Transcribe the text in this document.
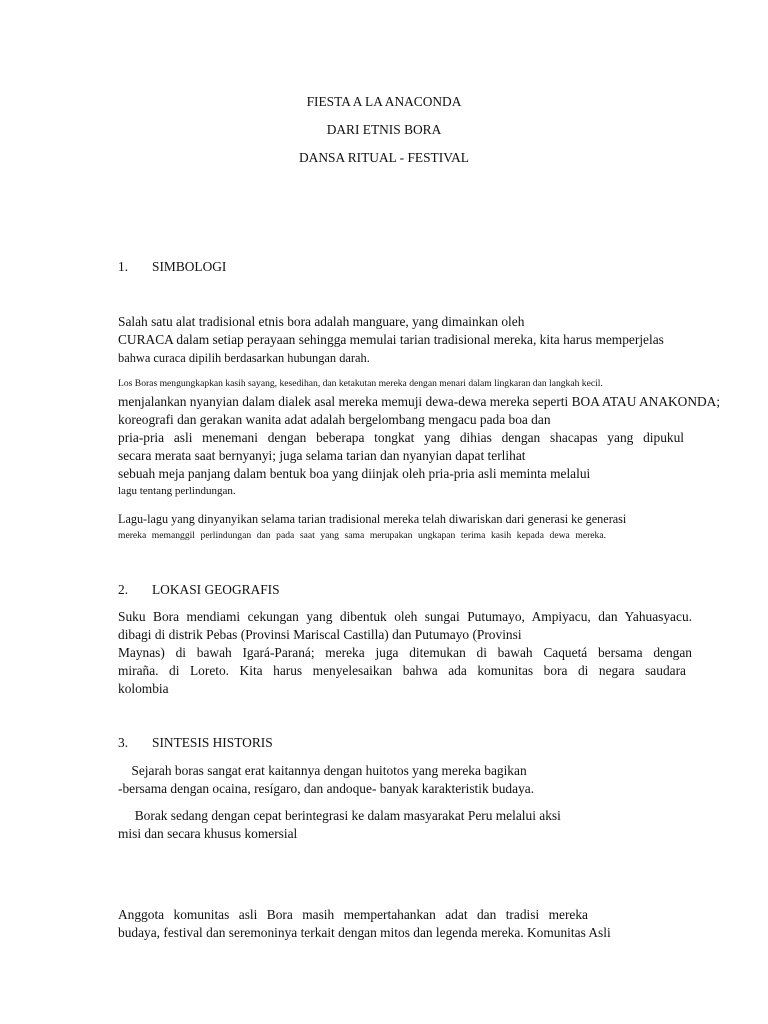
FIESTA A LA ANACONDA
DARI ETNIS BORA
DANSA RITUAL - FESTIVAL
1. SIMBOLOGI
Salah satu alat tradisional etnis bora adalah manguare, yang dimainkan oleh
CURACA dalam setiap perayaan sehingga memulai tarian tradisional mereka, kita harus memperjelas
bahwa curaca dipilih berdasarkan hubungan darah.
Los Boras mengungkapkan kasih sayang, kesedihan, dan ketakutan mereka dengan menari dalam lingkaran dan langkah kecil.
menjalankan nyanyian dalam dialek asal mereka memuji dewa-dewa mereka seperti BOA ATAU ANAKONDA;
koreografi dan gerakan wanita adat adalah bergelombang mengacu pada boa dan
pria-pria asli menemani dengan beberapa tongkat yang dihias dengan shacapas yang dipukul
secara merata saat bernyanyi; juga selama tarian dan nyanyian dapat terlihat
sebuah meja panjang dalam bentuk boa yang diinjak oleh pria-pria asli meminta melalui
lagu tentang perlindungan.
Lagu-lagu yang dinyanyikan selama tarian tradisional mereka telah diwariskan dari generasi ke generasi
mereka memanggil perlindungan dan pada saat yang sama merupakan ungkapan terima kasih kepada dewa mereka.
2. LOKASI GEOGRAFIS
Suku Bora mendiami cekungan yang dibentuk oleh sungai Putumayo, Ampiyacu, dan Yahuasyacu.
dibagi di distrik Pebas (Provinsi Mariscal Castilla) dan Putumayo (Provinsi
Maynas) di bawah Igará-Paraná; mereka juga ditemukan di bawah Caquetá bersama dengan
miraña. di Loreto. Kita harus menyelesaikan bahwa ada komunitas bora di negara saudara
kolombia
3. SINTESIS HISTORIS
Sejarah boras sangat erat kaitannya dengan huitotos yang mereka bagikan
-bersama dengan ocaina, resígaro, dan andoque- banyak karakteristik budaya.
Borak sedang dengan cepat berintegrasi ke dalam masyarakat Peru melalui aksi
misi dan secara khusus komersial
Anggota komunitas asli Bora masih mempertahankan adat dan tradisi mereka
budaya, festival dan seremoninya terkait dengan mitos dan legenda mereka. Komunitas Asli
